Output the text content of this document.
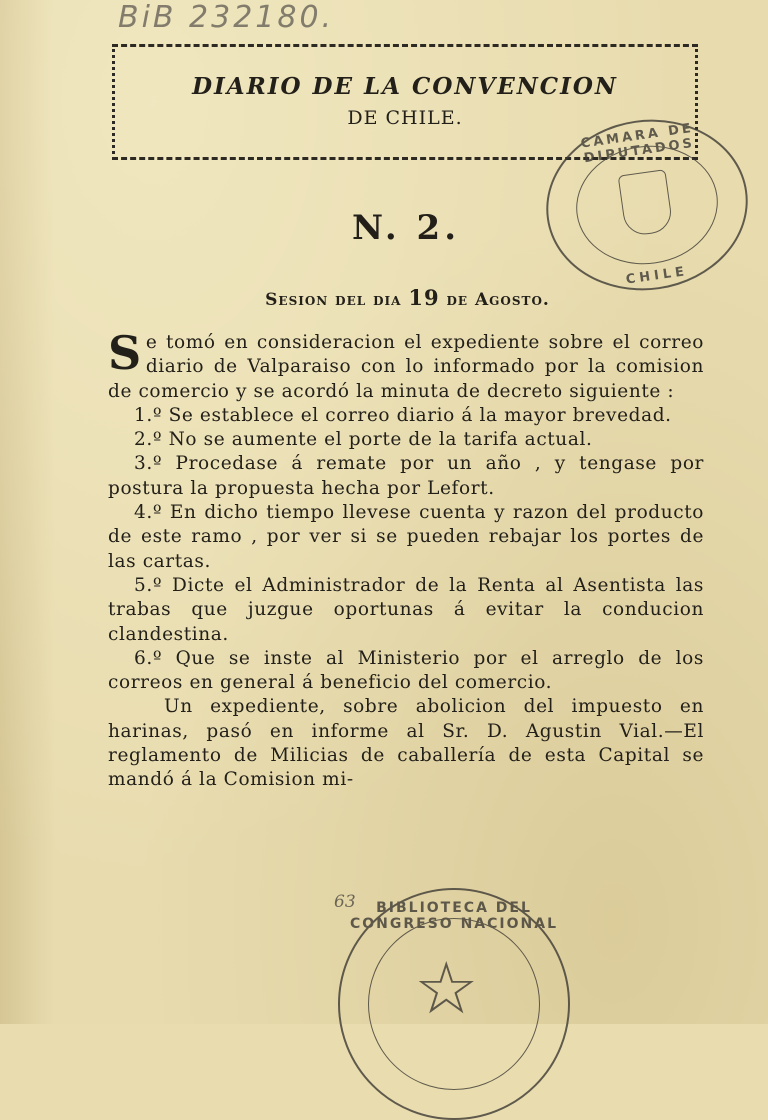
BiB 232180.
DIARIO DE LA CONVENCION
DE CHILE.
CÁMARA DE DIPUTADOS
CHILE
N. 2.
Sesion del dia 19 de Agosto.

Se tomó en consideracion el expediente sobre el correo diario de Valparaiso con lo informado por la comision de comercio y se acordó la minuta de decreto siguiente :

1.º Se establece el correo diario á la mayor brevedad.

2.º No se aumente el porte de la tarifa actual.

3.º Procedase á remate por un año , y tengase por postura la propuesta hecha por Lefort.

4.º En dicho tiempo llevese cuenta y razon del producto de este ramo , por ver si se pueden rebajar los portes de las cartas.

5.º Dicte el Administrador de la Renta al Asentista las trabas que juzgue oportunas á evitar la conducion clandestina.

6.º Que se inste al Ministerio por el arreglo de los correos en general á beneficio del comercio.

Un expediente, sobre abolicion del impuesto en harinas, pasó en informe al Sr. D. Agustin Vial.—El reglamento de Milicias de caballería de esta Capital se mandó á la Comision mi-

63	BIBLIOTECA DEL CONGRESO NACIONAL
☆
